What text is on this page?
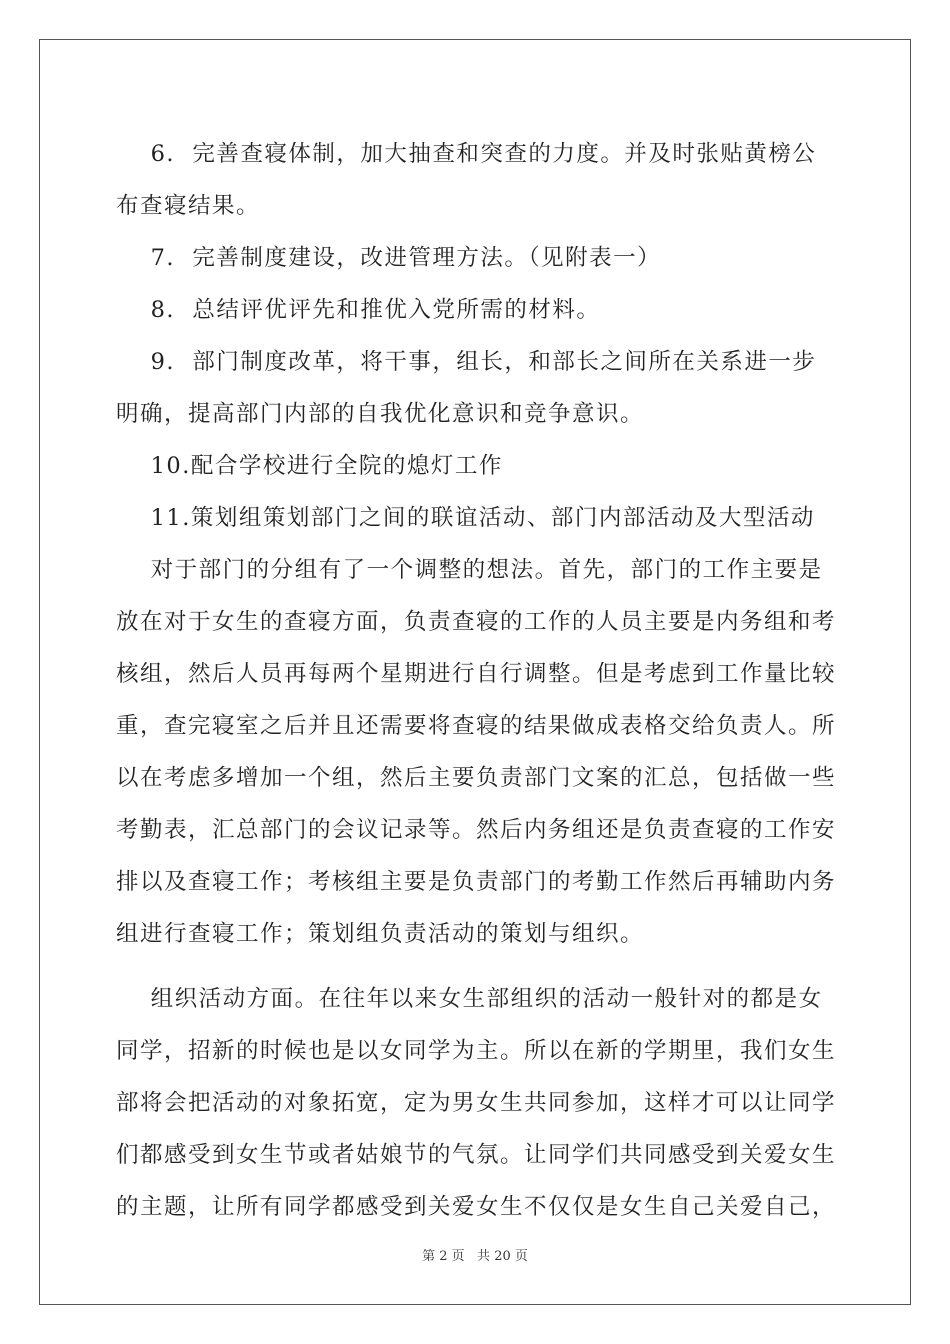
6.  完善查寝体制，加大抽查和突查的力度。并及时张贴黄榜公
布查寝结果。
7.  完善制度建设，改进管理方法。（见附表一）
8.  总结评优评先和推优入党所需的材料。
9.  部门制度改革，将干事，组长，和部长之间所在关系进一步
明确，提高部门内部的自我优化意识和竞争意识。
10.配合学校进行全院的熄灯工作
11.策划组策划部门之间的联谊活动、部门内部活动及大型活动
对于部门的分组有了一个调整的想法。首先，部门的工作主要是
放在对于女生的查寝方面，负责查寝的工作的人员主要是内务组和考
核组，然后人员再每两个星期进行自行调整。但是考虑到工作量比较
重，查完寝室之后并且还需要将查寝的结果做成表格交给负责人。所
以在考虑多增加一个组，然后主要负责部门文案的汇总，包括做一些
考勤表，汇总部门的会议记录等。然后内务组还是负责查寝的工作安
排以及查寝工作；考核组主要是负责部门的考勤工作然后再辅助内务
组进行查寝工作；策划组负责活动的策划与组织。
组织活动方面。在往年以来女生部组织的活动一般针对的都是女
同学，招新的时候也是以女同学为主。所以在新的学期里，我们女生
部将会把活动的对象拓宽，定为男女生共同参加，这样才可以让同学
们都感受到女生节或者姑娘节的气氛。让同学们共同感受到关爱女生
的主题，让所有同学都感受到关爱女生不仅仅是女生自己关爱自己，
第 2 页   共 20 页
